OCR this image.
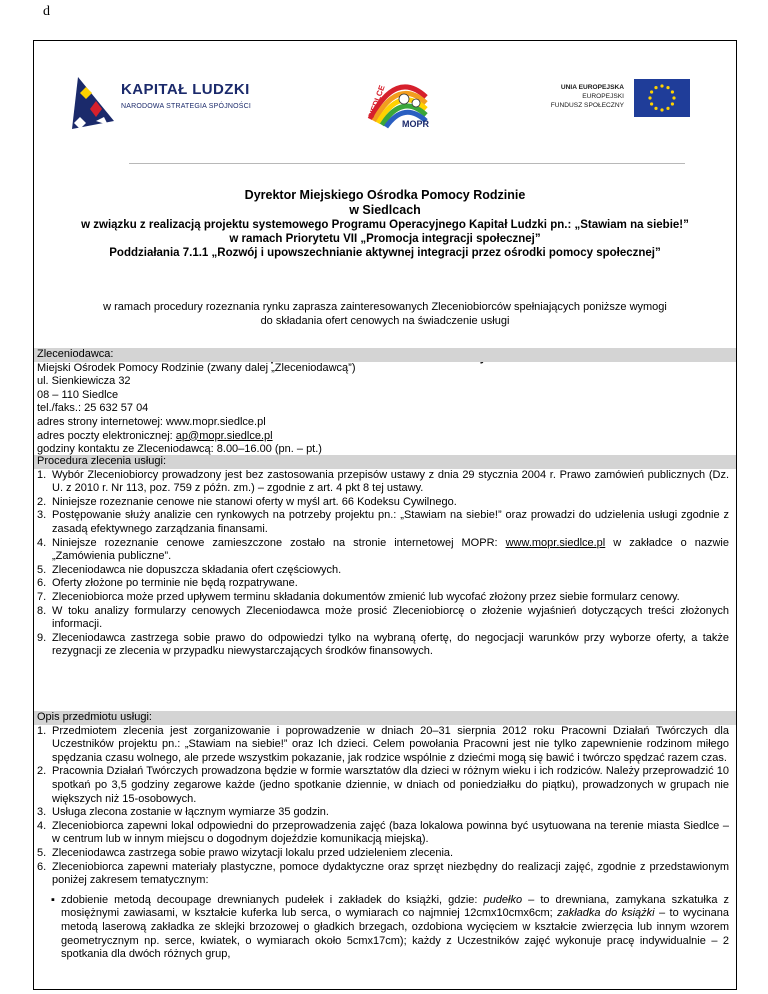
d
KAPITAŁ LUDZKI
NARODOWA STRATEGIA SPÓJNOŚCI	SIEDLCE
MOPR
UNIA EUROPEJSKA
EUROPEJSKI
FUNDUSZ SPOŁECZNY
Dyrektor Miejskiego Ośrodka Pomocy Rodzinie
w Siedlcach
w związku z realizacją projektu systemowego Programu Operacyjnego Kapitał Ludzki pn.: „Stawiam na siebie!”
w ramach Priorytetu VII „Promocja integracji społecznej”
Poddziałania 7.1.1 „Rozwój i upowszechnianie aktywnej integracji przez ośrodki pomocy społecznej”
w ramach procedury rozeznania rynku zaprasza zainteresowanych Zleceniobiorców spełniających poniższe wymogi
do składania ofert cenowych na świadczenie usługi
Zleceniodawca:
Miejski Ośrodek Pomocy Rodzinie (zwany dalej „Zleceniodawcą”)
ul. Sienkiewicza 32
08 – 110 Siedlce
tel./faks.: 25 632 57 04
adres strony internetowej: www.mopr.siedlce.pl
adres poczty elektronicznej: ap@mopr.siedlce.pl
godziny kontaktu ze Zleceniodawcą: 8.00–16.00 (pn. – pt.)
Procedura zlecenia usługi:
1. Wybór Zleceniobiorcy prowadzony jest bez zastosowania przepisów ustawy z dnia 29 stycznia 2004 r. Prawo zamówień publicznych (Dz. U. z 2010 r. Nr 113, poz. 759 z późn. zm.) – zgodnie z art. 4 pkt 8 tej ustawy.
2. Niniejsze rozeznanie cenowe nie stanowi oferty w myśl art. 66 Kodeksu Cywilnego.
3. Postępowanie służy analizie cen rynkowych na potrzeby projektu pn.: „Stawiam na siebie!” oraz prowadzi do udzielenia usługi zgodnie z zasadą efektywnego zarządzania finansami.
4. Niniejsze rozeznanie cenowe zamieszczone zostało na stronie internetowej MOPR: www.mopr.siedlce.pl w zakładce o nazwie „Zamówienia publiczne”.
5. Zleceniodawca nie dopuszcza składania ofert częściowych.
6. Oferty złożone po terminie nie będą rozpatrywane.
7. Zleceniobiorca może przed upływem terminu składania dokumentów zmienić lub wycofać złożony przez siebie formularz cenowy.
8. W toku analizy formularzy cenowych Zleceniodawca może prosić Zleceniobiorcę o złożenie wyjaśnień dotyczących treści złożonych informacji.
9. Zleceniodawca zastrzega sobie prawo do odpowiedzi tylko na wybraną ofertę, do negocjacji warunków przy wyborze oferty, a także rezygnacji ze zlecenia w przypadku niewystarczających środków finansowych.
Opis przedmiotu usługi:
1. Przedmiotem zlecenia jest zorganizowanie i poprowadzenie w dniach 20–31 sierpnia 2012 roku Pracowni Działań Twórczych dla Uczestników projektu pn.: „Stawiam na siebie!” oraz Ich dzieci. Celem powołania Pracowni jest nie tylko zapewnienie rodzinom miłego spędzania czasu wolnego, ale przede wszystkim pokazanie, jak rodzice wspólnie z dziećmi mogą się bawić i twórczo spędzać razem czas.
2. Pracownia Działań Twórczych prowadzona będzie w formie warsztatów dla dzieci w różnym wieku i ich rodziców. Należy przeprowadzić 10 spotkań po 3,5 godziny zegarowe każde (jedno spotkanie dziennie, w dniach od poniedziałku do piątku), prowadzonych w grupach nie większych niż 15-osobowych.
3. Usługa zlecona zostanie w łącznym wymiarze 35 godzin.
4. Zleceniobiorca zapewni lokal odpowiedni do przeprowadzenia zajęć (baza lokalowa powinna być usytuowana na terenie miasta Siedlce – w centrum lub w innym miejscu o dogodnym dojeździe komunikacją miejską).
5. Zleceniodawca zastrzega sobie prawo wizytacji lokalu przed udzieleniem zlecenia.
6. Zleceniobiorca zapewni materiały plastyczne, pomoce dydaktyczne oraz sprzęt niezbędny do realizacji zajęć, zgodnie z przedstawionym poniżej zakresem tematycznym:
▪ zdobienie metodą decoupage drewnianych pudełek i zakładek do książki, gdzie: pudełko – to drewniana, zamykana szkatułka z mosiężnymi zawiasami, w kształcie kuferka lub serca, o wymiarach co najmniej 12cmx10cmx6cm; zakładka do książki – to wycinana metodą laserową zakładka ze sklejki brzozowej o gładkich brzegach, ozdobiona wycięciem w kształcie zwierzęcia lub innym wzorem geometrycznym np. serce, kwiatek, o wymiarach około 5cmx17cm); każdy z Uczestników zajęć wykonuje pracę indywidualnie – 2 spotkania dla dwóch różnych grup,
